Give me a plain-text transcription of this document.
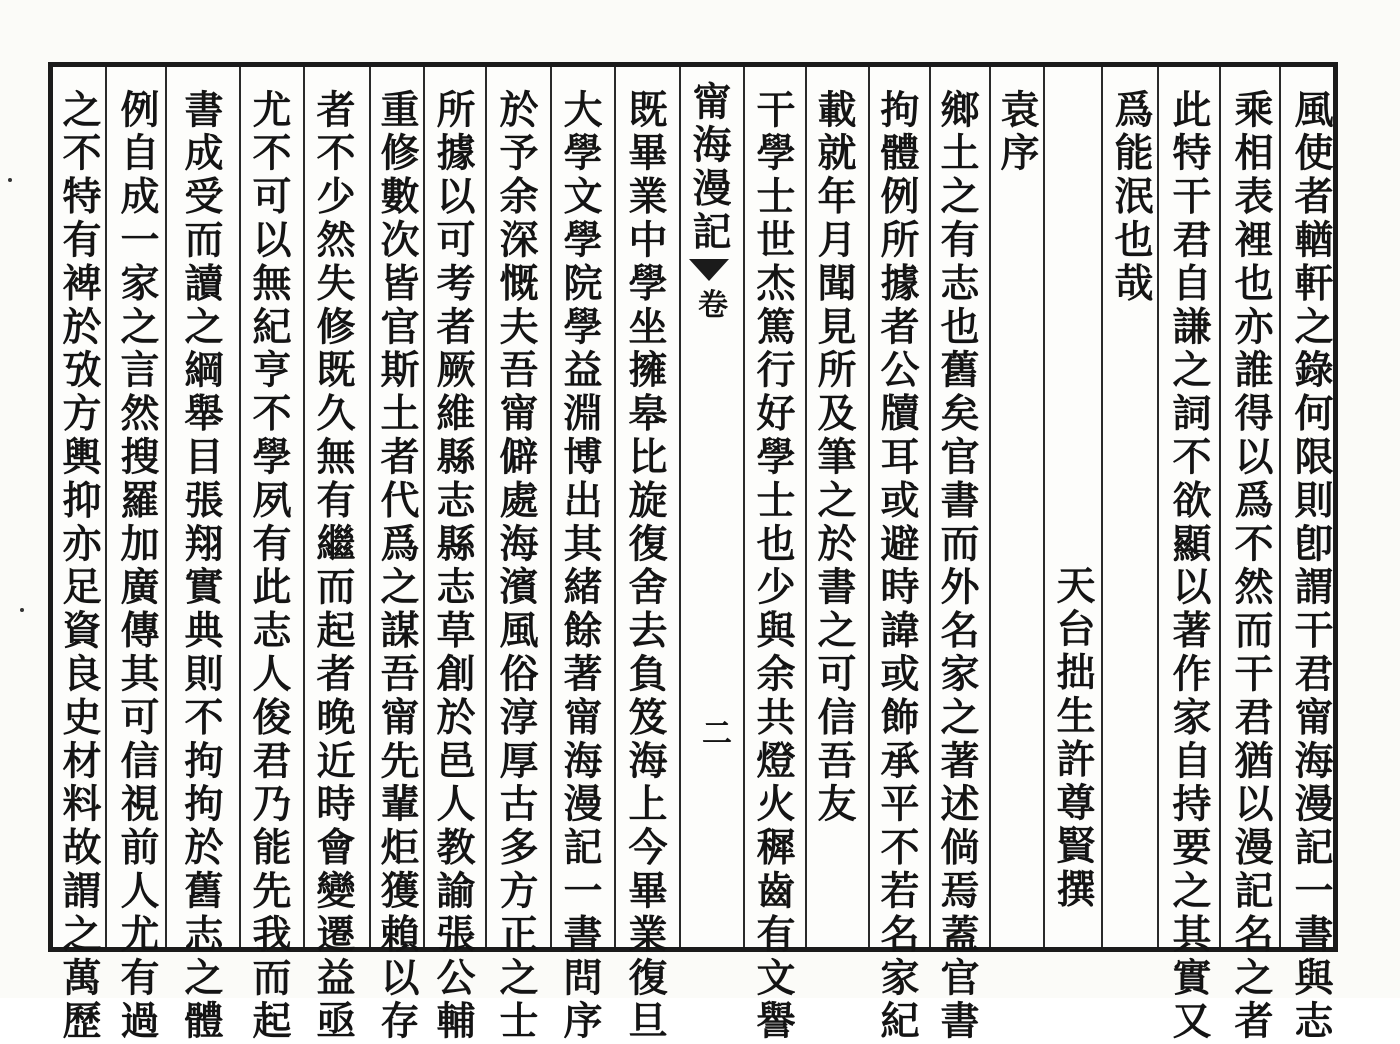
風使者輶軒之錄何限則卽謂干君甯海漫記一書與志
乘相表裡也亦誰得以爲不然而干君猶以漫記名之者
此特干君自謙之詞不欲顯以著作家自持要之其實又
爲能泯也哉
天台拙生許尊賢撰
袁序
鄉土之有志也舊矣官書而外名家之著述倘焉蓋官書
拘體例所據者公牘耳或避時諱或飾承平不若名家紀
載就年月聞見所及筆之於書之可信吾友
干學士世杰篤行好學士也少與余共燈火穉齒有文譽
甯海漫記卷
二
既畢業中學坐擁皋比旋復舍去負笈海上今畢業復旦
大學文學院學益淵博出其緒餘著甯海漫記一書問序
於予余深慨夫吾甯僻處海濱風俗淳厚古多方正之士
所據以可考者厥維縣志縣志草創於邑人教諭張公輔
重修數次皆官斯土者代爲之謀吾甯先輩炬獲賴以存
者不少然失修既久無有繼而起者晚近時會變遷益亟
尤不可以無紀亨不學夙有此志人俊君乃能先我而起
書成受而讀之綱舉目張翔實典則不拘拘於舊志之體
例自成一家之言然搜羅加廣傳其可信視前人尤有過
之不特有裨於攷方輿抑亦足資良史材料故謂之萬歷
